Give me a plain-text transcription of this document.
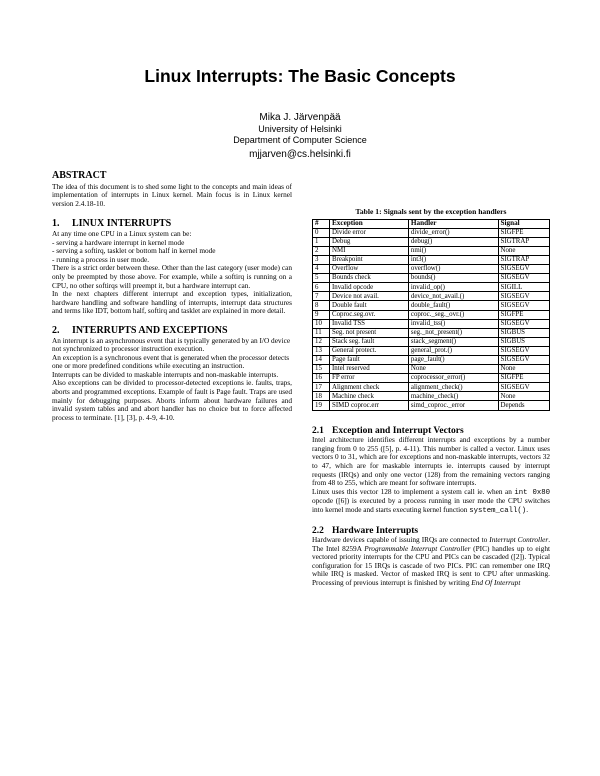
Linux Interrupts: The Basic Concepts
Mika J. Järvenpää
University of Helsinki
Department of Computer Science
mjjarven@cs.helsinki.fi
ABSTRACT

The idea of this document is to shed some light to the concepts and main ideas of implementation of interrupts in Linux kernel. Main focus is in Linux kernel version 2.4.18-10.

1. LINUX INTERRUPTS
At any time one CPU in a Linux system can be:
- serving a hardware interrupt in kernel mode
- serving a softirq, tasklet or bottom half in kernel mode
- running a process in user mode.

There is a strict order between these. Other than the last category (user mode) can only be preempted by those above. For example, while a softirq is running on a CPU, no other softirqs will preempt it, but a hardware interrupt can.

In the next chapters different interrupt and exception types, initialization, hardware handling and software handling of interrupts, interrupt data structures and terms like IDT, bottom half, softirq and tasklet are explained in more detail.

2. INTERRUPTS AND EXCEPTIONS

An interrupt is an asynchronous event that is typically generated by an I/O device not synchronized to processor instruction execution.

An exception is a synchronous event that is generated when the processor detects one or more predefined conditions while executing an instruction.

Interrupts can be divided to maskable interrupts and non-maskable interrupts.

Also exceptions can be divided to processor-detected exceptions ie. faults, traps, aborts and programmed exceptions. Example of fault is Page fault. Traps are used mainly for debugging purposes. Aborts inform about hardware failures and invalid system tables and and abort handler has no choice but to force affected process to terminate. [1], [3], p. 4-9, 4-10.

Table 1: Signals sent by the exception handlers
#	Exception	Handler	Signal
0	Divide error	divide_error()	SIGFPE
1	Debug	debug()	SIGTRAP
2	NMI	nmi()	None
3	Breakpoint	int3()	SIGTRAP
4	Overflow	overflow()	SIGSEGV
5	Bounds check	bounds()	SIGSEGV
6	Invalid opcode	invalid_op()	SIGILL
7	Device not avail.	device_not_avail.()	SIGSEGV
8	Double fault	double_fault()	SIGSEGV
9	Coproc.seg.ovr.	coproc._seg._ovr.()	SIGFPE
10	Invalid TSS	invalid_tss()	SIGSEGV
11	Seg. not present	seg._not_present()	SIGBUS
12	Stack seg. fault	stack_segment()	SIGBUS
13	General protect.	general_prot.()	SIGSEGV
14	Page fault	page_fault()	SIGSEGV
15	Intel reserved	None	None
16	FP error	coprocessor_error()	SIGFPE
17	Alignment check	alignment_check()	SIGSEGV
18	Machine check	machine_check()	None
19	SIMD coproc.err	simd_coproc._error	Depends
2.1 Exception and Interrupt Vectors

Intel architecture identifies different interrupts and exceptions by a number ranging from 0 to 255 ([5], p. 4-11). This number is called a vector. Linux uses vectors 0 to 31, which are for exceptions and non-maskable interrupts, vectors 32 to 47, which are for maskable interrupts ie. interrupts caused by interrupt requests (IRQs) and only one vector (128) from the remaining vectors ranging from 48 to 255, which are meant for software interrupts.

Linux uses this vector 128 to implement a system call ie. when an int 0x80 opcode ([6]) is executed by a process running in user mode the CPU switches into kernel mode and starts executing kernel function system_call().

2.2 Hardware Interrupts

Hardware devices capable of issuing IRQs are connected to Interrupt Controller. The Intel 8259A Programmable Interrupt Controller (PIC) handles up to eight vectored priority interrupts for the CPU and PICs can be cascaded ([2]). Typical configuration for 15 IRQs is cascade of two PICs. PIC can remember one IRQ while IRQ is masked. Vector of masked IRQ is sent to CPU after unmasking. Processing of previous interrupt is finished by writing End Of Interrupt
